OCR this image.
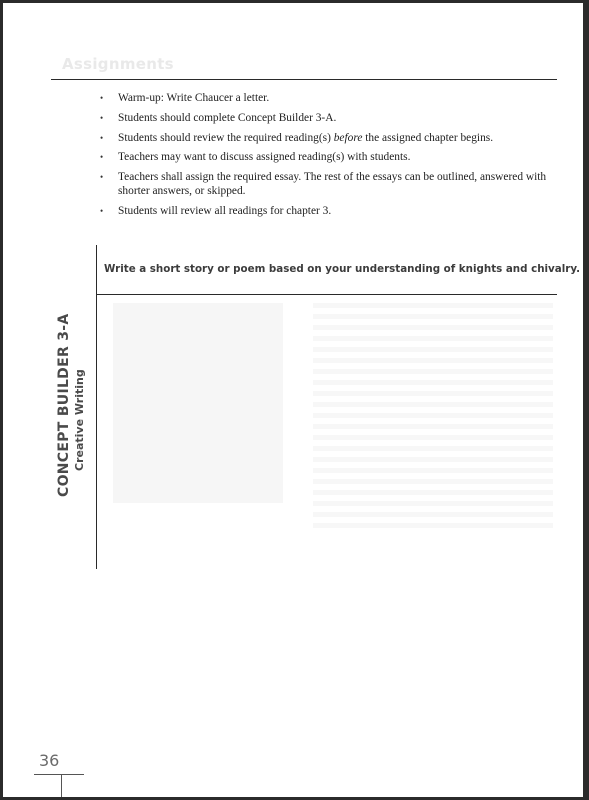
Assignments
• Warm-up: Write Chaucer a letter.
• Students should complete Concept Builder 3-A.
• Students should review the required reading(s) before the assigned chapter begins.
• Teachers may want to discuss assigned reading(s) with students.
• Teachers shall assign the required essay. The rest of the essays can be outlined, answered with shorter answers, or skipped.
• Students will review all readings for chapter 3.
Write a short story or poem based on your understanding of knights and chivalry.
CONCEPT BUILDER 3-A Creative Writing
36
